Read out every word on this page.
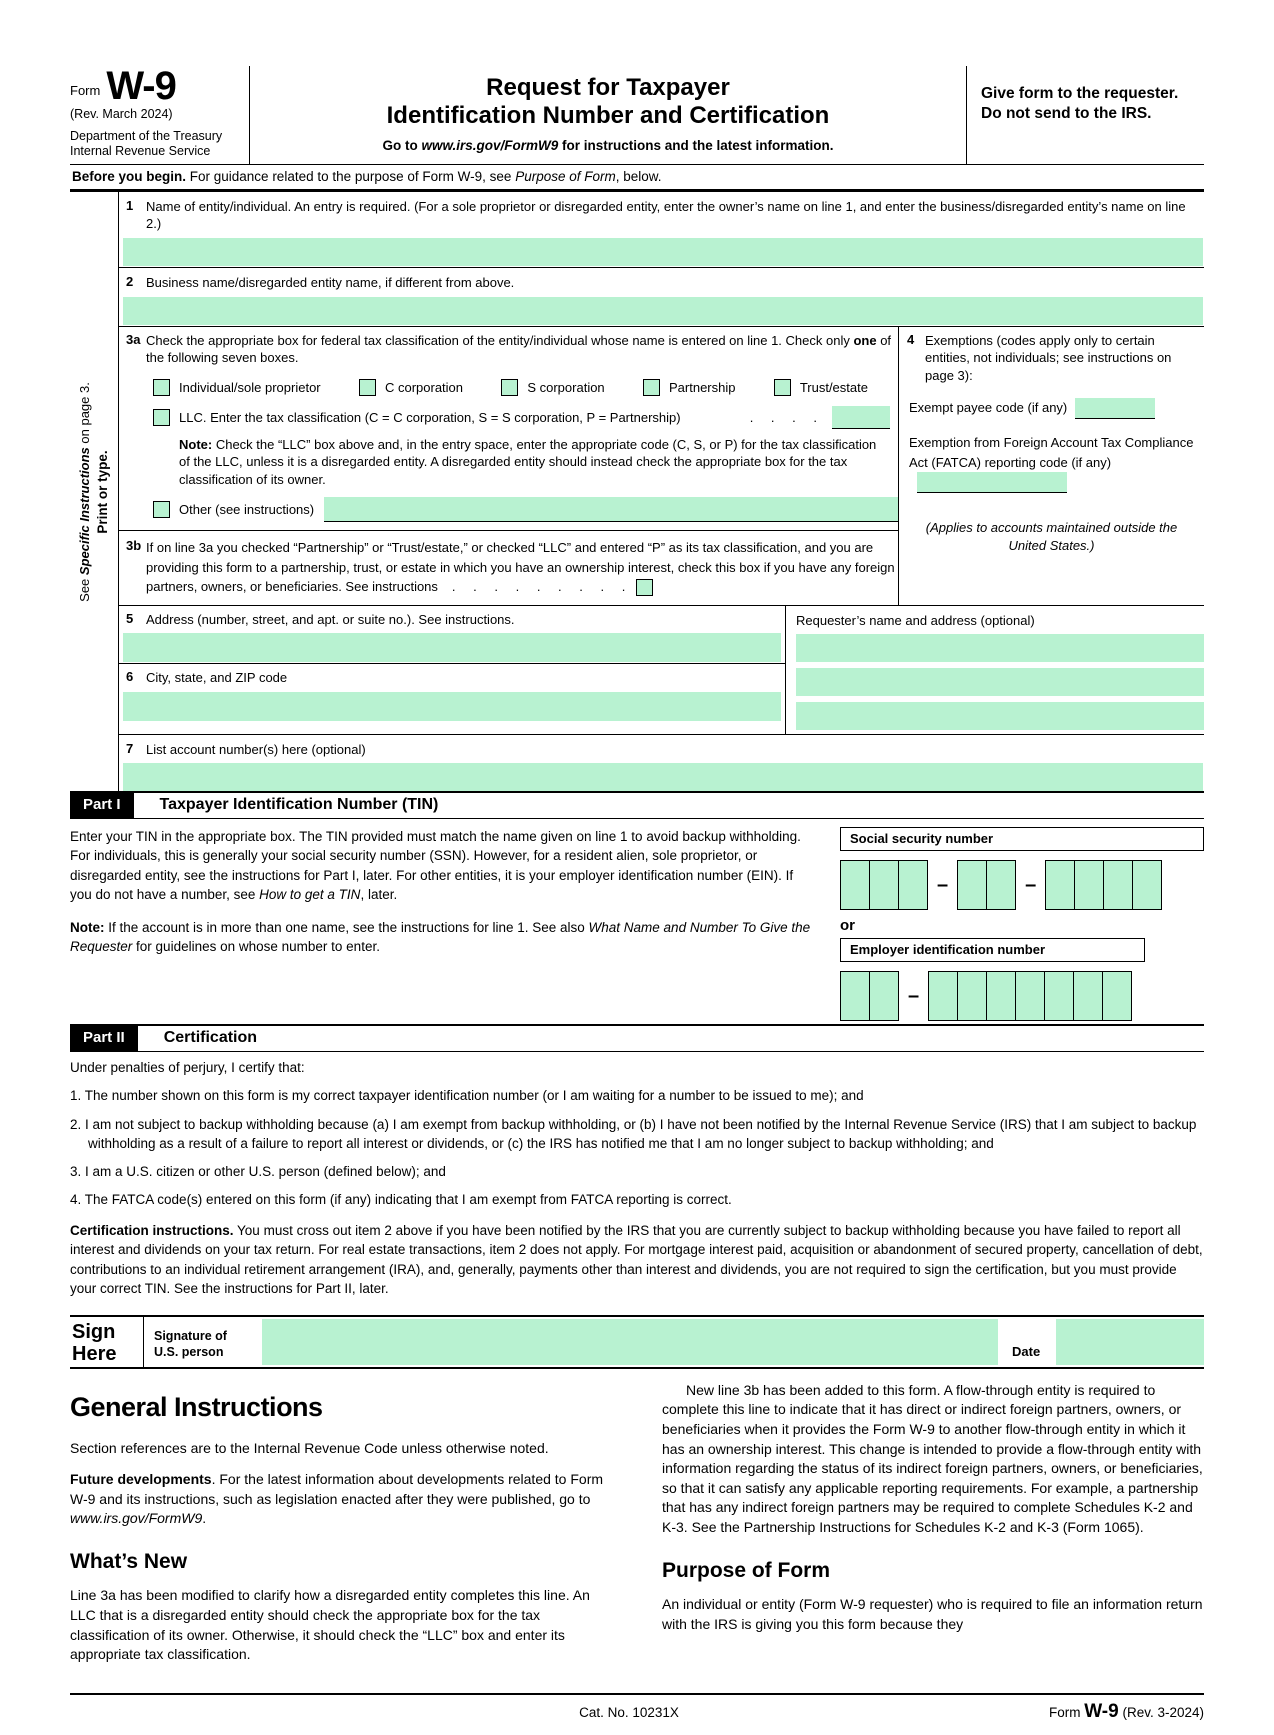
Form W-9
(Rev. March 2024)
Department of the Treasury
Internal Revenue Service
Request for Taxpayer
Identification Number and Certification
Go to www.irs.gov/FormW9 for instructions and the latest information.
Give form to the requester. Do not send to the IRS.
Before you begin. For guidance related to the purpose of Form W-9, see Purpose of Form, below.
See Specific Instructions on page 3.
Print or type.
1 Name of entity/individual. An entry is required. (For a sole proprietor or disregarded entity, enter the owner’s name on line 1, and enter the business/disregarded entity’s name on line 2.)
2 Business name/disregarded entity name, if different from above.
3a Check the appropriate box for federal tax classification of the entity/individual whose name is entered on line 1. Check only one of the following seven boxes.
Individual/sole proprietor	C corporation	S corporation	Partnership	Trust/estate
LLC. Enter the tax classification (C = C corporation, S = S corporation, P = Partnership)	. . . .
Note: Check the “LLC” box above and, in the entry space, enter the appropriate code (C, S, or P) for the tax classification of the LLC, unless it is a disregarded entity. A disregarded entity should instead check the appropriate box for the tax classification of its owner.
Other (see instructions)
3b If on line 3a you checked “Partnership” or “Trust/estate,” or checked “LLC” and entered “P” as its tax classification, and you are providing this form to a partnership, trust, or estate in which you have an ownership interest, check this box if you have any foreign partners, owners, or beneficiaries. See instructions . . . . . . . . .
4 Exemptions (codes apply only to certain entities, not individuals; see instructions on page 3):
Exempt payee code (if any)
Exemption from Foreign Account Tax Compliance Act (FATCA) reporting code (if any)
(Applies to accounts maintained outside the United States.)
5 Address (number, street, and apt. or suite no.). See instructions.
6 City, state, and ZIP code
Requester’s name and address (optional)
7 List account number(s) here (optional)
Part I	Taxpayer Identification Number (TIN)

Enter your TIN in the appropriate box. The TIN provided must match the name given on line 1 to avoid backup withholding. For individuals, this is generally your social security number (SSN). However, for a resident alien, sole proprietor, or disregarded entity, see the instructions for Part I, later. For other entities, it is your employer identification number (EIN). If you do not have a number, see How to get a TIN, later.

Note: If the account is in more than one name, see the instructions for line 1. See also What Name and Number To Give the Requester for guidelines on whose number to enter.

Social security number
–	–
or
Employer identification number
–
Part II	Certification

Under penalties of perjury, I certify that:

1. The number shown on this form is my correct taxpayer identification number (or I am waiting for a number to be issued to me); and

2. I am not subject to backup withholding because (a) I am exempt from backup withholding, or (b) I have not been notified by the Internal Revenue Service (IRS) that I am subject to backup withholding as a result of a failure to report all interest or dividends, or (c) the IRS has notified me that I am no longer subject to backup withholding; and

3. I am a U.S. citizen or other U.S. person (defined below); and

4. The FATCA code(s) entered on this form (if any) indicating that I am exempt from FATCA reporting is correct.

Certification instructions. You must cross out item 2 above if you have been notified by the IRS that you are currently subject to backup withholding because you have failed to report all interest and dividends on your tax return. For real estate transactions, item 2 does not apply. For mortgage interest paid, acquisition or abandonment of secured property, cancellation of debt, contributions to an individual retirement arrangement (IRA), and, generally, payments other than interest and dividends, you are not required to sign the certification, but you must provide your correct TIN. See the instructions for Part II, later.

Sign
Here
Signature of
U.S. person	Date
General Instructions

Section references are to the Internal Revenue Code unless otherwise noted.

Future developments. For the latest information about developments related to Form W-9 and its instructions, such as legislation enacted after they were published, go to www.irs.gov/FormW9.

What’s New

Line 3a has been modified to clarify how a disregarded entity completes this line. An LLC that is a disregarded entity should check the appropriate box for the tax classification of its owner. Otherwise, it should check the “LLC” box and enter its appropriate tax classification.

New line 3b has been added to this form. A flow-through entity is required to complete this line to indicate that it has direct or indirect foreign partners, owners, or beneficiaries when it provides the Form W-9 to another flow-through entity in which it has an ownership interest. This change is intended to provide a flow-through entity with information regarding the status of its indirect foreign partners, owners, or beneficiaries, so that it can satisfy any applicable reporting requirements. For example, a partnership that has any indirect foreign partners may be required to complete Schedules K-2 and K-3. See the Partnership Instructions for Schedules K-2 and K-3 (Form 1065).

Purpose of Form

An individual or entity (Form W-9 requester) who is required to file an information return with the IRS is giving you this form because they

Cat. No. 10231X	Form W-9 (Rev. 3-2024)
